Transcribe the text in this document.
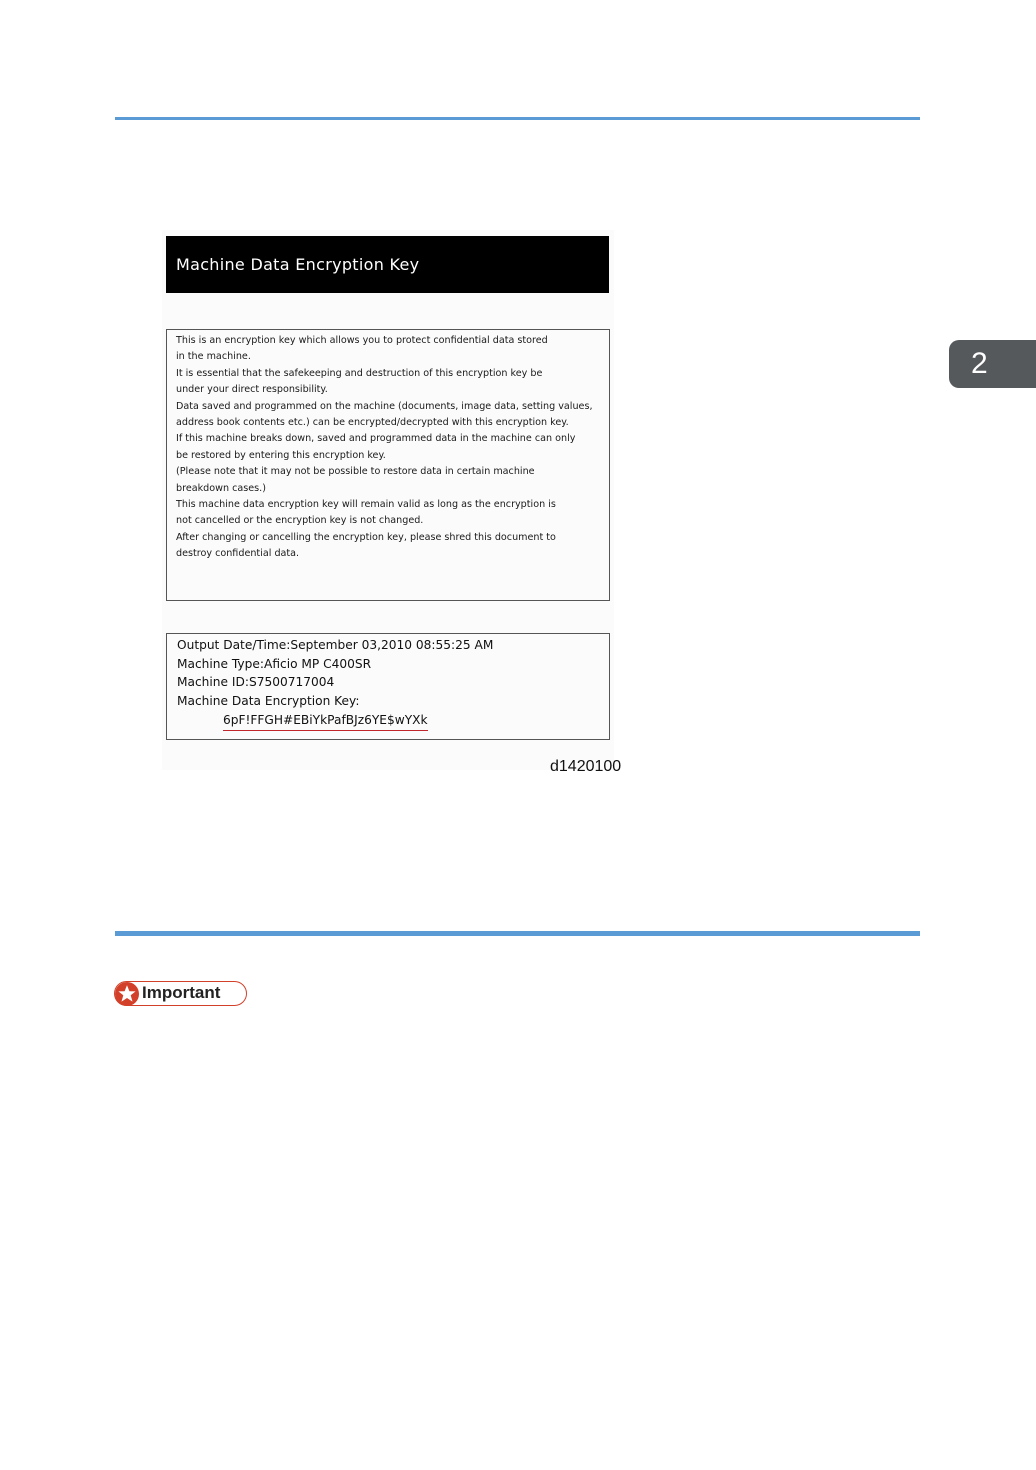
2
Machine Data Encryption Key

This is an encryption key which allows you to protect confidential data stored

in the machine.

It is essential that the safekeeping and destruction of this encryption key be

under your direct responsibility.

Data saved and programmed on the machine (documents, image data, setting values,

address book contents etc.) can be encrypted/decrypted with this encryption key.

If this machine breaks down, saved and programmed data in the machine can only

be restored by entering this encryption key.

(Please note that it may not be possible to restore data in certain machine

breakdown cases.)

This machine data encryption key will remain valid as long as the encryption is

not cancelled or the encryption key is not changed.

After changing or cancelling the encryption key, please shred this document to

destroy confidential data.

Output Date/Time:September 03,2010 08:55:25 AM
Machine Type:Aficio MP C400SR
Machine ID:S7500717004
Machine Data Encryption Key:
6pF!FFGH#EBiYkPafBJz6YE$wYXk
d1420100
Important
